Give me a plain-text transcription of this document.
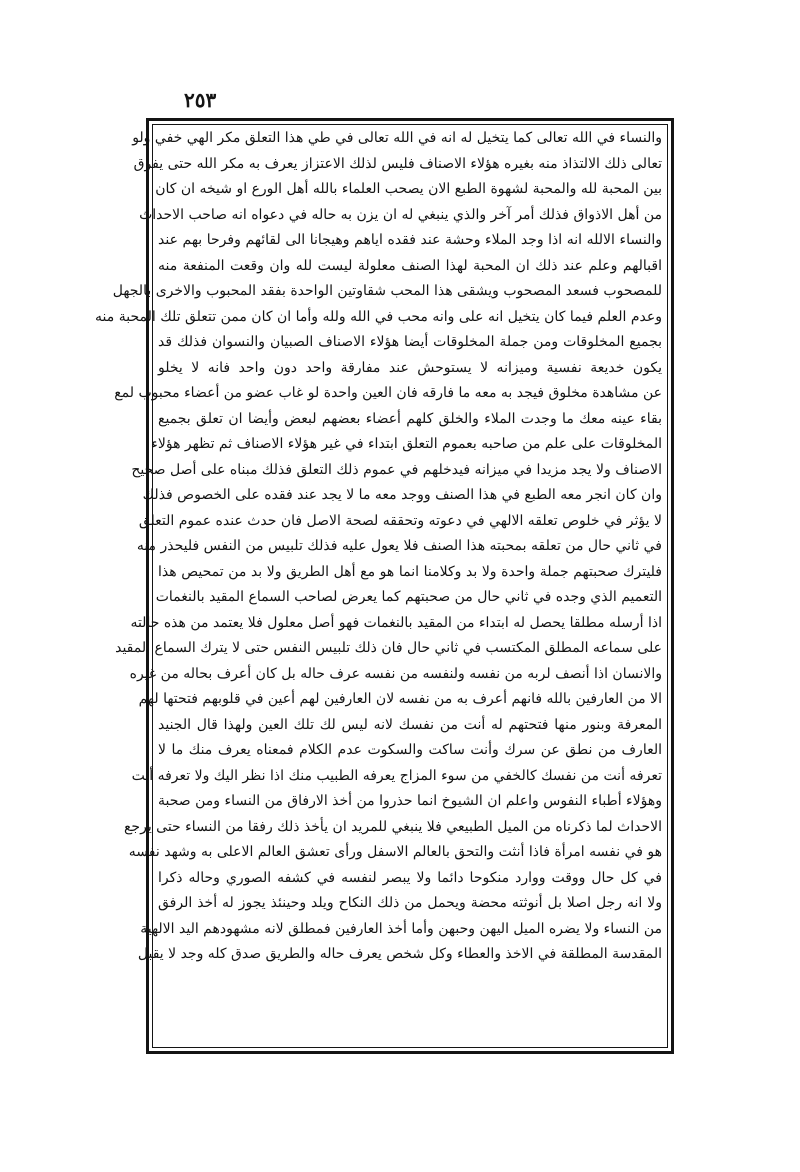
٢٥٣
والنساء في الله تعالى كما يتخيل له انه في الله تعالى في طي هذا التعلق مكر الهي خفي ولو
تعالى ذلك الالتذاذ منه بغيره هؤلاء الاصناف فليس لذلك الاعتزاز يعرف به مكر الله حتى يفرق
بين المحبة لله والمحبة لشهوة الطبع الان يصحب العلماء بالله أهل الورع او شيخه ان كان
من أهل الاذواق فذلك أمر آخر والذي ينبغي له ان يزن به حاله في دعواه انه صاحب الاحداث
والنساء الالله انه اذا وجد الملاء وحشة عند فقده اياهم وهيجانا الى لقائهم وفرحا بهم عند
اقبالهم وعلم عند ذلك ان المحبة لهذا الصنف معلولة ليست لله وان وقعت المنفعة منه
للمصحوب فسعد المصحوب ويشقى هذا المحب شقاوتين الواحدة بفقد المحبوب والاخرى بالجهل
وعدم العلم فيما كان يتخيل انه على وانه محب في الله ولله وأما ان كان ممن تتعلق تلك المحبة منه
بجميع المخلوقات ومن جملة المخلوقات أيضا هؤلاء الاصناف الصبيان والنسوان فذلك قد
يكون خديعة نفسية وميزانه لا يستوحش عند مفارقة واحد دون واحد فانه لا يخلو
عن مشاهدة مخلوق فيجد به معه ما فارقه فان العين واحدة لو غاب عضو من أعضاء محبوب لمع
بقاء عينه معك ما وجدت الملاء والخلق كلهم أعضاء بعضهم لبعض وأيضا ان تعلق بجميع
المخلوقات على علم من صاحبه بعموم التعلق ابتداء في غير هؤلاء الاصناف ثم تظهر هؤلاء
الاصناف ولا يجد مزيدا في ميزانه فيدخلهم في عموم ذلك التعلق فذلك مبناه على أصل صحيح
وان كان انجر معه الطبع في هذا الصنف ووجد معه ما لا يجد عند فقده على الخصوص فذلك
لا يؤثر في خلوص تعلقه الالهي في دعوته وتحققه لصحة الاصل فان حدث عنده عموم التعلق
في ثاني حال من تعلقه بمحبته هذا الصنف فلا يعول عليه فذلك تلبيس من النفس فليحذر منه
فليترك صحبتهم جملة واحدة ولا بد وكلامنا انما هو مع أهل الطريق ولا بد من تمحيص هذا
التعميم الذي وجده في ثاني حال من صحبتهم كما يعرض لصاحب السماع المقيد بالنغمات
اذا أرسله مطلقا يحصل له ابتداء من المقيد بالنغمات فهو أصل معلول فلا يعتمد من هذه حالته
على سماعه المطلق المكتسب في ثاني حال فان ذلك تلبيس النفس حتى لا يترك السماع المقيد
والانسان اذا أنصف لربه من نفسه ولنفسه من نفسه عرف حاله بل كان أعرف بحاله من غيره
الا من العارفين بالله فانهم أعرف به من نفسه لان العارفين لهم أعين في قلوبهم فتحتها لهم
المعرفة وبنور منها فتحتهم له أنت من نفسك لانه ليس لك تلك العين ولهذا قال الجنيد
العارف من نطق عن سرك وأنت ساكت والسكوت عدم الكلام فمعناه يعرف منك ما لا
تعرفه أنت من نفسك كالخفي من سوء المزاج يعرفه الطبيب منك اذا نظر اليك ولا تعرفه أنت
وهؤلاء أطباء النفوس واعلم ان الشيوخ انما حذروا من أخذ الارفاق من النساء ومن صحبة
الاحداث لما ذكرناه من الميل الطبيعي فلا ينبغي للمريد ان يأخذ ذلك رفقا من النساء حتى يرجع
هو في نفسه امرأة فاذا أنثت والتحق بالعالم الاسفل ورأى تعشق العالم الاعلى به وشهد نفسه
في كل حال ووقت ووارد منكوحا دائما ولا يبصر لنفسه في كشفه الصوري وحاله ذكرا
ولا انه رجل اصلا بل أنوثته محضة ويحمل من ذلك النكاح ويلد وحينئذ يجوز له أخذ الرفق
من النساء ولا يضره الميل اليهن وحبهن وأما أخذ العارفين فمطلق لانه مشهودهم اليد الالهية
المقدسة المطلقة في الاخذ والعطاء وكل شخص يعرف حاله والطريق صدق كله وجد لا يقبل
